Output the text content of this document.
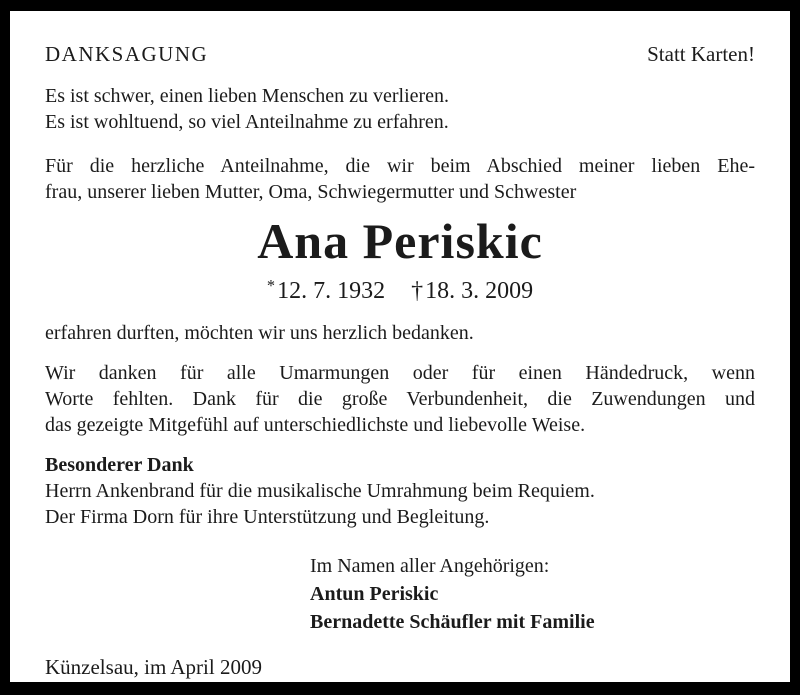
DANKSAGUNG	Statt Karten!
Es ist schwer, einen lieben Menschen zu verlieren.
Es ist wohltuend, so viel Anteilnahme zu erfahren.
Für die herzliche Anteilnahme, die wir beim Abschied meiner lieben Ehe-
frau, unserer lieben Mutter, Oma, Schwiegermutter und Schwester
Ana Periskic
*12. 7. 1932 †18. 3. 2009
erfahren durften, möchten wir uns herzlich bedanken.
Wir danken für alle Umarmungen oder für einen Händedruck, wenn
Worte fehlten. Dank für die große Verbundenheit, die Zuwendungen und
das gezeigte Mitgefühl auf unterschiedlichste und liebevolle Weise.
Besonderer Dank
Herrn Ankenbrand für die musikalische Umrahmung beim Requiem.
Der Firma Dorn für ihre Unterstützung und Begleitung.
Im Namen aller Angehörigen:
Antun Periskic
Bernadette Schäufler mit Familie
Künzelsau, im April 2009
